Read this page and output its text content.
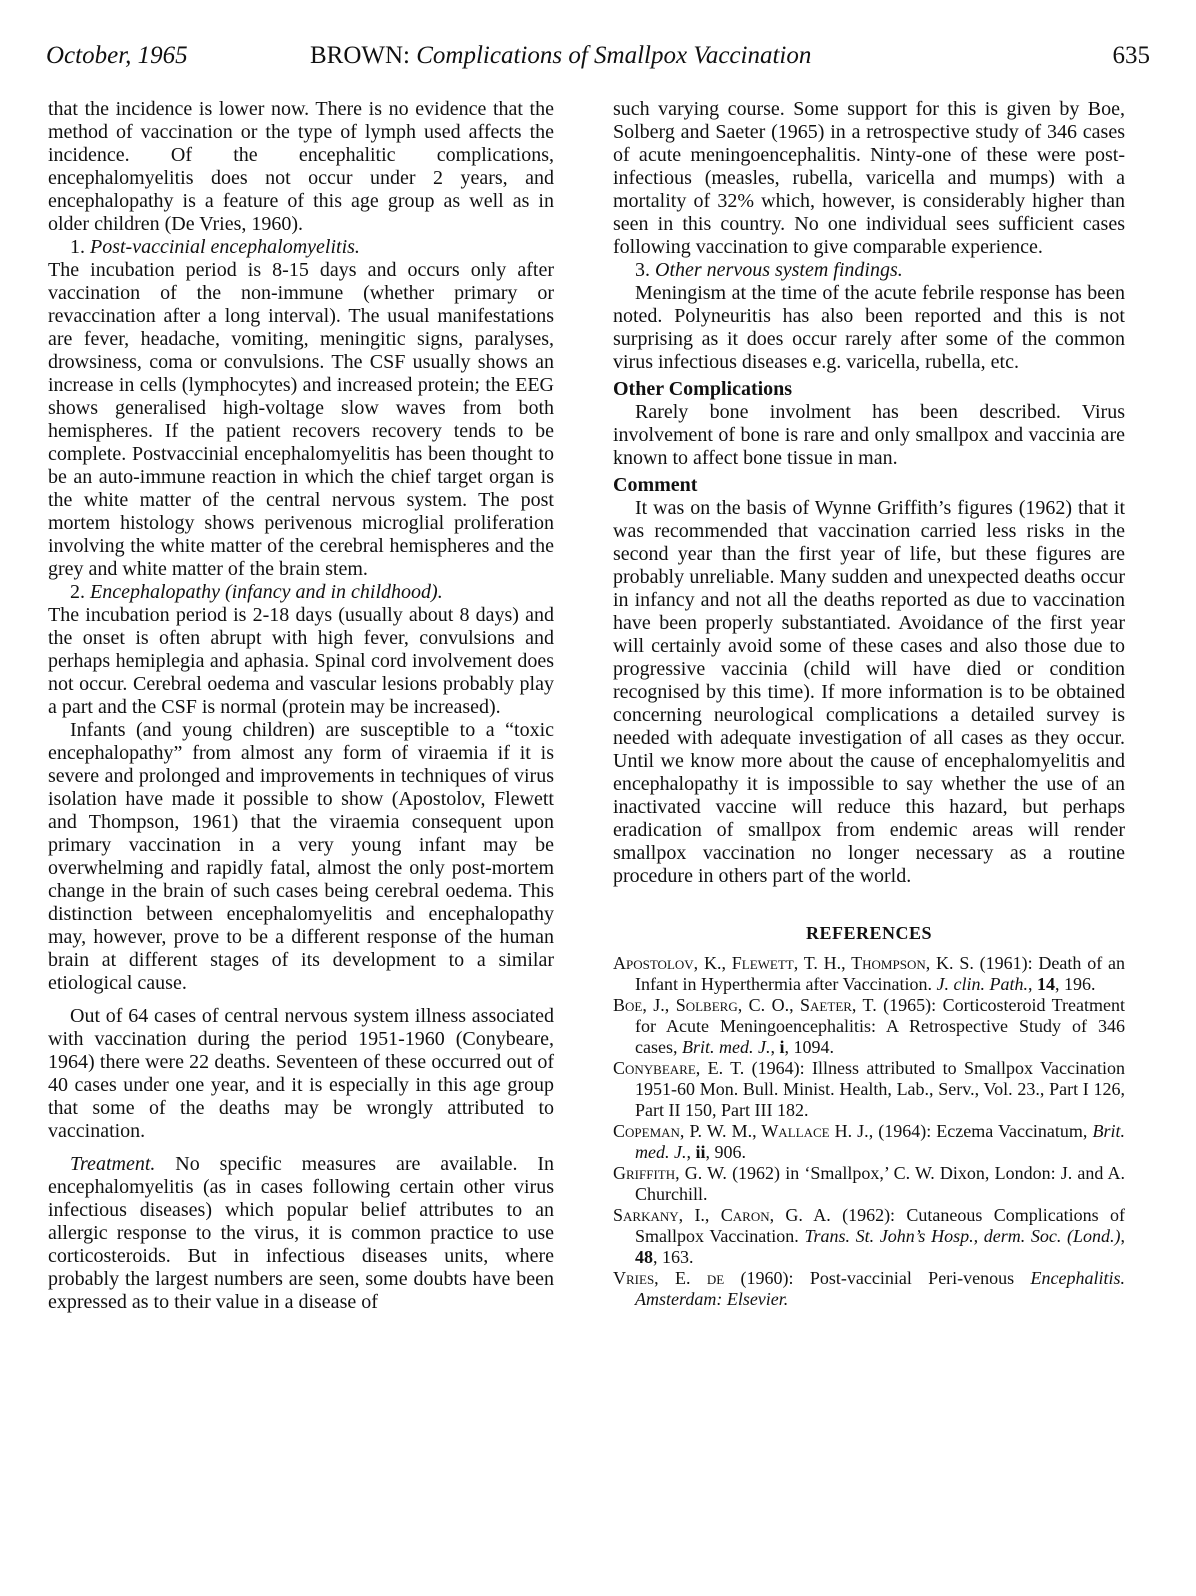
October, 1965	BROWN: Complications of Smallpox Vaccination	635

that the incidence is lower now. There is no evidence that the method of vaccination or the type of lymph used affects the incidence. Of the encephalitic complications, encephalomyelitis does not occur under 2 years, and encephalopathy is a feature of this age group as well as in older children (De Vries, 1960).

1. Post-vaccinial encephalomyelitis.

The incubation period is 8-15 days and occurs only after vaccination of the non-immune (whether primary or revaccination after a long interval). The usual manifestations are fever, headache, vomiting, meningitic signs, paralyses, drowsiness, coma or convulsions. The CSF usually shows an increase in cells (lymphocytes) and increased protein; the EEG shows generalised high-voltage slow waves from both hemispheres. If the patient recovers recovery tends to be complete. Postvaccinial encephalomyelitis has been thought to be an auto-immune reaction in which the chief target organ is the white matter of the central nervous system. The post mortem histology shows perivenous microglial proliferation involving the white matter of the cerebral hemispheres and the grey and white matter of the brain stem.

2. Encephalopathy (infancy and in childhood).

The incubation period is 2-18 days (usually about 8 days) and the onset is often abrupt with high fever, convulsions and perhaps hemiplegia and aphasia. Spinal cord involvement does not occur. Cerebral oedema and vascular lesions probably play a part and the CSF is normal (protein may be increased).

Infants (and young children) are susceptible to a “toxic encephalopathy” from almost any form of viraemia if it is severe and prolonged and improvements in techniques of virus isolation have made it possible to show (Apostolov, Flewett and Thompson, 1961) that the viraemia consequent upon primary vaccination in a very young infant may be overwhelming and rapidly fatal, almost the only post-mortem change in the brain of such cases being cerebral oedema. This distinction between encephalomyelitis and encephalopathy may, however, prove to be a different response of the human brain at different stages of its development to a similar etiological cause.

Out of 64 cases of central nervous system illness associated with vaccination during the period 1951-1960 (Conybeare, 1964) there were 22 deaths. Seventeen of these occurred out of 40 cases under one year, and it is especially in this age group that some of the deaths may be wrongly attributed to vaccination.

Treatment. No specific measures are available. In encephalomyelitis (as in cases following certain other virus infectious diseases) which popular belief attributes to an allergic response to the virus, it is common practice to use corticosteroids. But in infectious diseases units, where probably the largest numbers are seen, some doubts have been expressed as to their value in a disease of

such varying course. Some support for this is given by Boe, Solberg and Saeter (1965) in a retrospective study of 346 cases of acute meningoencephalitis. Ninty-one of these were post-infectious (measles, rubella, varicella and mumps) with a mortality of 32% which, however, is considerably higher than seen in this country. No one individual sees sufficient cases following vaccination to give comparable experience.

3. Other nervous system findings.

Meningism at the time of the acute febrile response has been noted. Polyneuritis has also been reported and this is not surprising as it does occur rarely after some of the common virus infectious diseases e.g. varicella, rubella, etc.

Other Complications

Rarely bone involment has been described. Virus involvement of bone is rare and only smallpox and vaccinia are known to affect bone tissue in man.

Comment

It was on the basis of Wynne Griffith’s figures (1962) that it was recommended that vaccination carried less risks in the second year than the first year of life, but these figures are probably unreliable. Many sudden and unexpected deaths occur in infancy and not all the deaths reported as due to vaccination have been properly substantiated. Avoidance of the first year will certainly avoid some of these cases and also those due to progressive vaccinia (child will have died or condition recognised by this time). If more information is to be obtained concerning neurological complications a detailed survey is needed with adequate investigation of all cases as they occur. Until we know more about the cause of encephalomyelitis and encephalopathy it is impossible to say whether the use of an inactivated vaccine will reduce this hazard, but perhaps eradication of smallpox from endemic areas will render smallpox vaccination no longer necessary as a routine procedure in others part of the world.

REFERENCES

Apostolov, K., Flewett, T. H., Thompson, K. S. (1961): Death of an Infant in Hyperthermia after Vaccination. J. clin. Path., 14, 196.

Boe, J., Solberg, C. O., Saeter, T. (1965): Corticosteroid Treatment for Acute Meningoencephalitis: A Retrospective Study of 346 cases, Brit. med. J., i, 1094.

Conybeare, E. T. (1964): Illness attributed to Smallpox Vaccination 1951-60 Mon. Bull. Minist. Health, Lab., Serv., Vol. 23., Part I 126, Part II 150, Part III 182.

Copeman, P. W. M., Wallace H. J., (1964): Eczema Vaccinatum, Brit. med. J., ii, 906.

Griffith, G. W. (1962) in ‘Smallpox,’ C. W. Dixon, London: J. and A. Churchill.

Sarkany, I., Caron, G. A. (1962): Cutaneous Complications of Smallpox Vaccination. Trans. St. John’s Hosp., derm. Soc. (Lond.), 48, 163.

Vries, E. de (1960): Post-vaccinial Peri-venous Encephalitis. Amsterdam: Elsevier.
